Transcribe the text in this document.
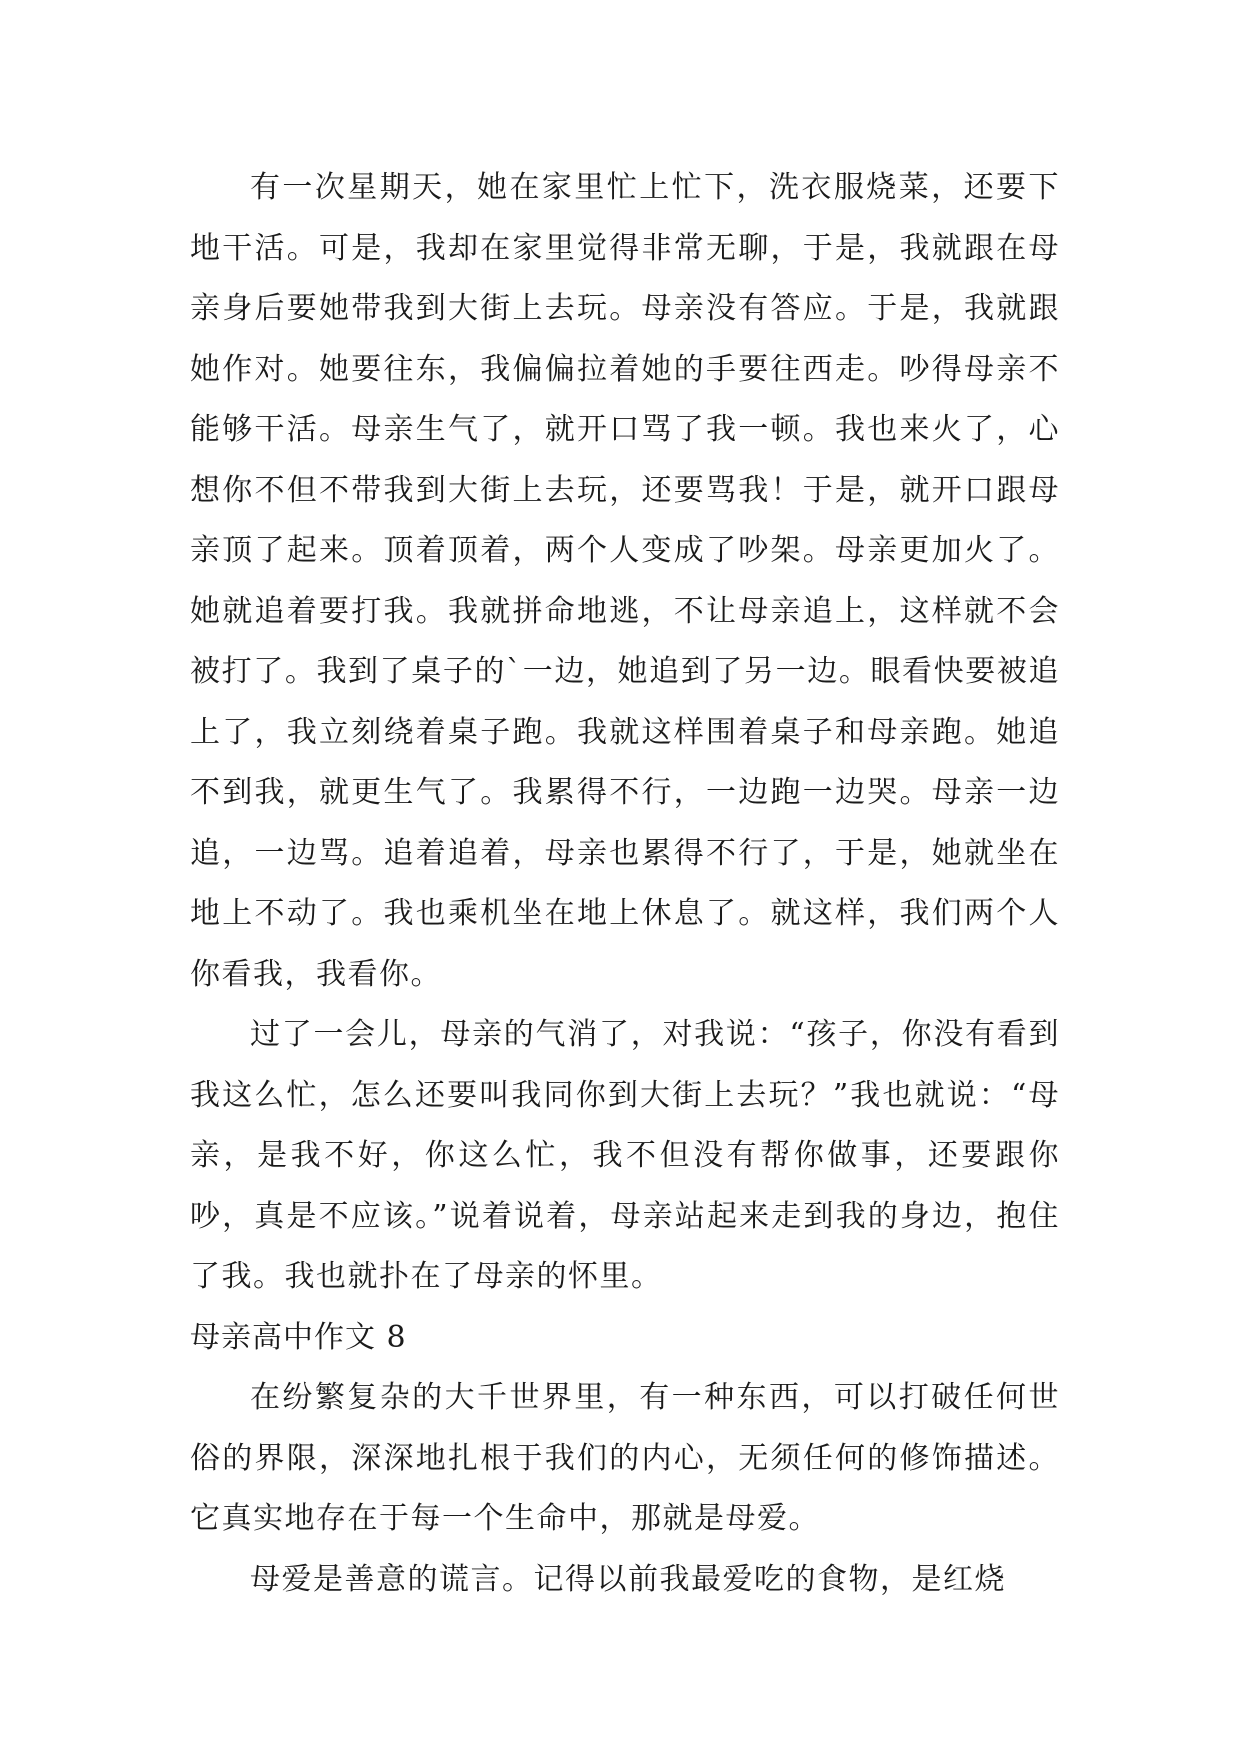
有一次星期天，她在家里忙上忙下，洗衣服烧菜，还要下地干活。可是，我却在家里觉得非常无聊，于是，我就跟在母亲身后要她带我到大街上去玩。母亲没有答应。于是，我就跟她作对。她要往东，我偏偏拉着她的手要往西走。吵得母亲不能够干活。母亲生气了，就开口骂了我一顿。我也来火了，心想你不但不带我到大街上去玩，还要骂我！于是，就开口跟母亲顶了起来。顶着顶着，两个人变成了吵架。母亲更加火了。她就追着要打我。我就拼命地逃，不让母亲追上，这样就不会被打了。我到了桌子的`一边，她追到了另一边。眼看快要被追上了，我立刻绕着桌子跑。我就这样围着桌子和母亲跑。她追不到我，就更生气了。我累得不行，一边跑一边哭。母亲一边追，一边骂。追着追着，母亲也累得不行了，于是，她就坐在地上不动了。我也乘机坐在地上休息了。就这样，我们两个人你看我，我看你。

过了一会儿，母亲的气消了，对我说：“孩子，你没有看到我这么忙，怎么还要叫我同你到大街上去玩？”我也就说：“母亲，是我不好，你这么忙，我不但没有帮你做事，还要跟你吵，真是不应该。”说着说着，母亲站起来走到我的身边，抱住了我。我也就扑在了母亲的怀里。

母亲高中作文 8

在纷繁复杂的大千世界里，有一种东西，可以打破任何世俗的界限，深深地扎根于我们的内心，无须任何的修饰描述。它真实地存在于每一个生命中，那就是母爱。

母爱是善意的谎言。记得以前我最爱吃的食物，是红烧
